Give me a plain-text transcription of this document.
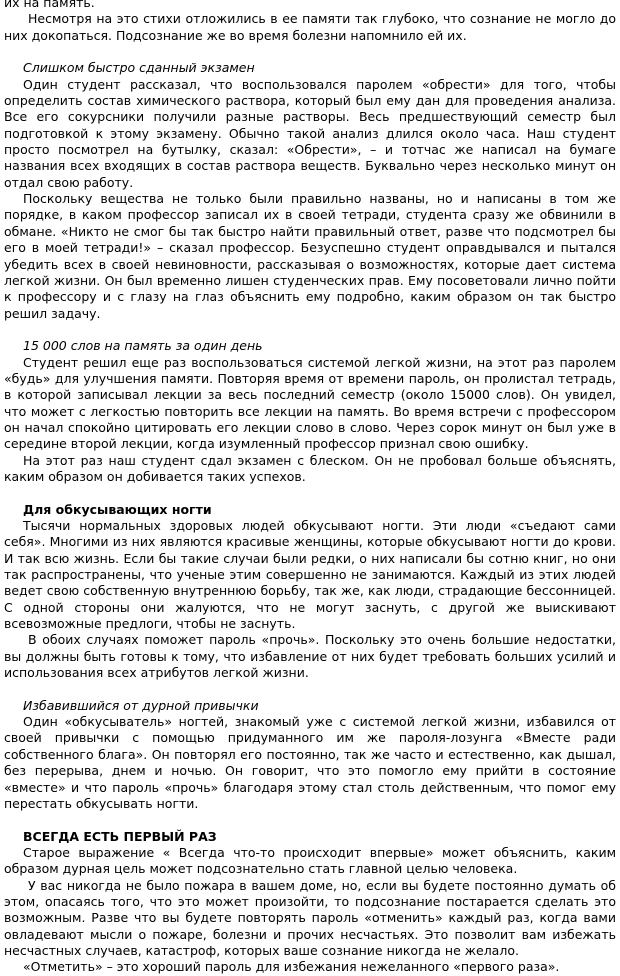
их на память.

Несмотря на это стихи отложились в ее памяти так глубоко, что сознание не могло до них докопаться. Подсознание же во время болезни напомнило ей их.

Слишком быстро сданный экзамен

Один студент рассказал, что воспользовался паролем «обрести» для того, чтобы определить состав химического раствора, который был ему дан для проведения анализа. Все его сокурсники получили разные растворы. Весь предшествующий семестр был подготовкой к этому экзамену. Обычно такой анализ длился около часа. Наш студент просто посмотрел на бутылку, сказал: «Обрести», – и тотчас же написал на бумаге названия всех входящих в состав раствора веществ. Буквально через несколько минут он отдал свою работу.

Поскольку вещества не только были правильно названы, но и написаны в том же порядке, в каком профессор записал их в своей тетради, студента сразу же обвинили в обмане. «Никто не смог бы так быстро найти правильный ответ, разве что подсмотрел бы его в моей тетради!» – сказал профессор. Безуспешно студент оправдывался и пытался убедить всех в своей невиновности, рассказывая о возможностях, которые дает система легкой жизни. Он был временно лишен студенческих прав. Ему посоветовали лично пойти к профессору и с глазу на глаз объяснить ему подробно, каким образом он так быстро решил задачу.

15 000 слов на память за один день

Студент решил еще раз воспользоваться системой легкой жизни, на этот раз паролем «будь» для улучшения памяти. Повторяя время от времени пароль, он пролистал тетрадь, в которой записывал лекции за весь последний семестр (около 15000 слов). Он увидел, что может с легкостью повторить все лекции на память. Во время встречи с профессором он начал спокойно цитировать его лекции слово в слово. Через сорок минут он был уже в середине второй лекции, когда изумленный профессор признал свою ошибку.

На этот раз наш студент сдал экзамен с блеском. Он не пробовал больше объяснять, каким образом он добивается таких успехов.

Для обкусывающих ногти

Тысячи нормальных здоровых людей обкусывают ногти. Эти люди «съедают сами себя». Многими из них являются красивые женщины, которые обкусывают ногти до крови. И так всю жизнь. Если бы такие случаи были редки, о них написали бы сотню книг, но они так распространены, что ученые этим совершенно не занимаются. Каждый из этих людей ведет свою собственную внутреннюю борьбу, так же, как люди, страдающие бессонницей. С одной стороны они жалуются, что не могут заснуть, с другой же выискивают всевозможные предлоги, чтобы не заснуть.

В обоих случаях поможет пароль «прочь». Поскольку это очень большие недостатки, вы должны быть готовы к тому, что избавление от них будет требовать больших усилий и использования всех атрибутов легкой жизни.

Избавившийся от дурной привычки

Один «обкусыватель» ногтей, знакомый уже с системой легкой жизни, избавился от своей привычки с помощью придуманного им же пароля-лозунга «Вместе ради собственного блага». Он повторял его постоянно, так же часто и естественно, как дышал, без перерыва, днем и ночью. Он говорит, что это помогло ему прийти в состояние «вместе» и что пароль «прочь» благодаря этому стал столь действенным, что помог ему перестать обкусывать ногти.

ВСЕГДА ЕСТЬ ПЕРВЫЙ РАЗ

Старое выражение « Всегда что-то происходит впервые» может объяснить, каким образом дурная цель может подсознательно стать главной целью человека.

У вас никогда не было пожара в вашем доме, но, если вы будете постоянно думать об этом, опасаясь того, что это может произойти, то подсознание постарается сделать это возможным. Разве что вы будете повторять пароль «отменить» каждый раз, когда вами овладевают мысли о пожаре, болезни и прочих несчастьях. Это позволит вам избежать несчастных случаев, катастроф, которых ваше сознание никогда не желало.

«Отметить» – это хороший пароль для избежания нежеланного «первого раза».
